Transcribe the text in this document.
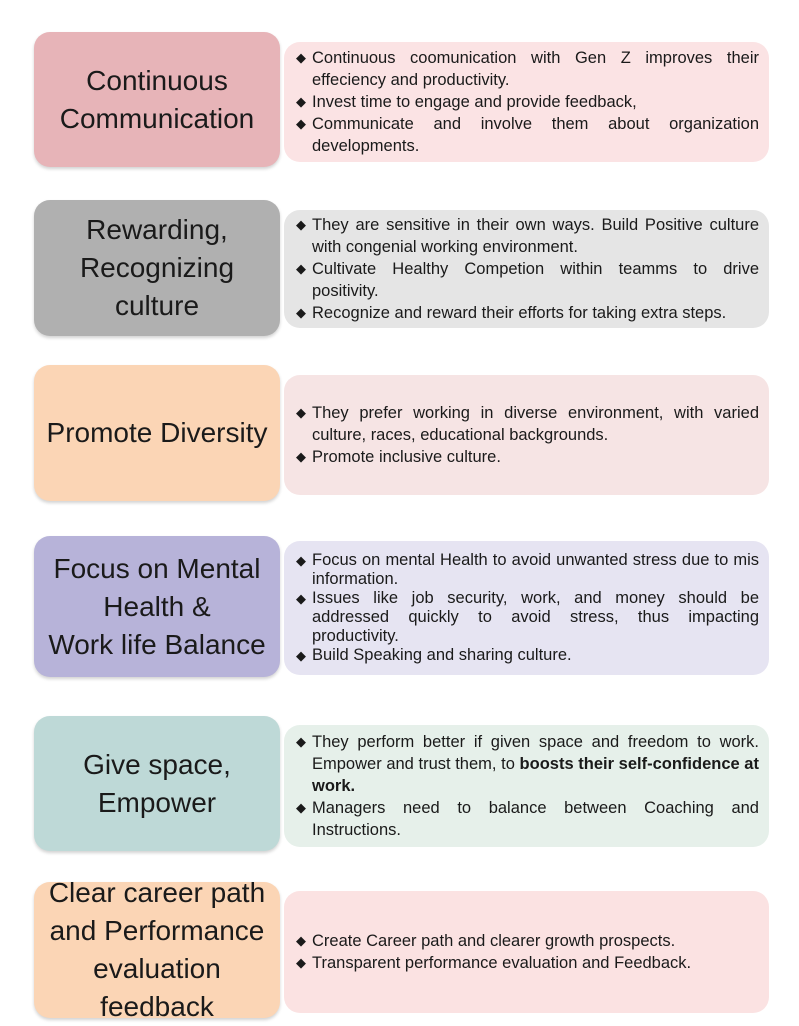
Continuous
Communication
◆ Continuous coomunication with Gen Z improves their effeciency and productivity.
◆ Invest time to engage and provide feedback,
◆ Communicate and involve them about organization developments.
Rewarding,
Recognizing
culture
◆ They are sensitive in their own ways. Build Positive culture with congenial working environment.
◆ Cultivate Healthy Competion within teamms to drive positivity.
◆ Recognize and reward their efforts for taking extra steps.
Promote Diversity
◆ They prefer working in diverse environment, with varied culture, races, educational backgrounds.
◆ Promote inclusive culture.
Focus on Mental
Health &
Work life Balance
◆ Focus on mental Health to avoid unwanted stress due to mis information.
◆ Issues like job security, work, and money should be addressed quickly to avoid stress, thus impacting productivity.
◆ Build Speaking and sharing culture.
Give space,
Empower
◆ They perform better if given space and freedom to work. Empower and trust them, to boosts their self-confidence at work.
◆ Managers need to balance between Coaching and Instructions.
Clear career path
and Performance
evaluation feedback
◆ Create Career path and clearer growth prospects.
◆ Transparent performance evaluation and Feedback.
